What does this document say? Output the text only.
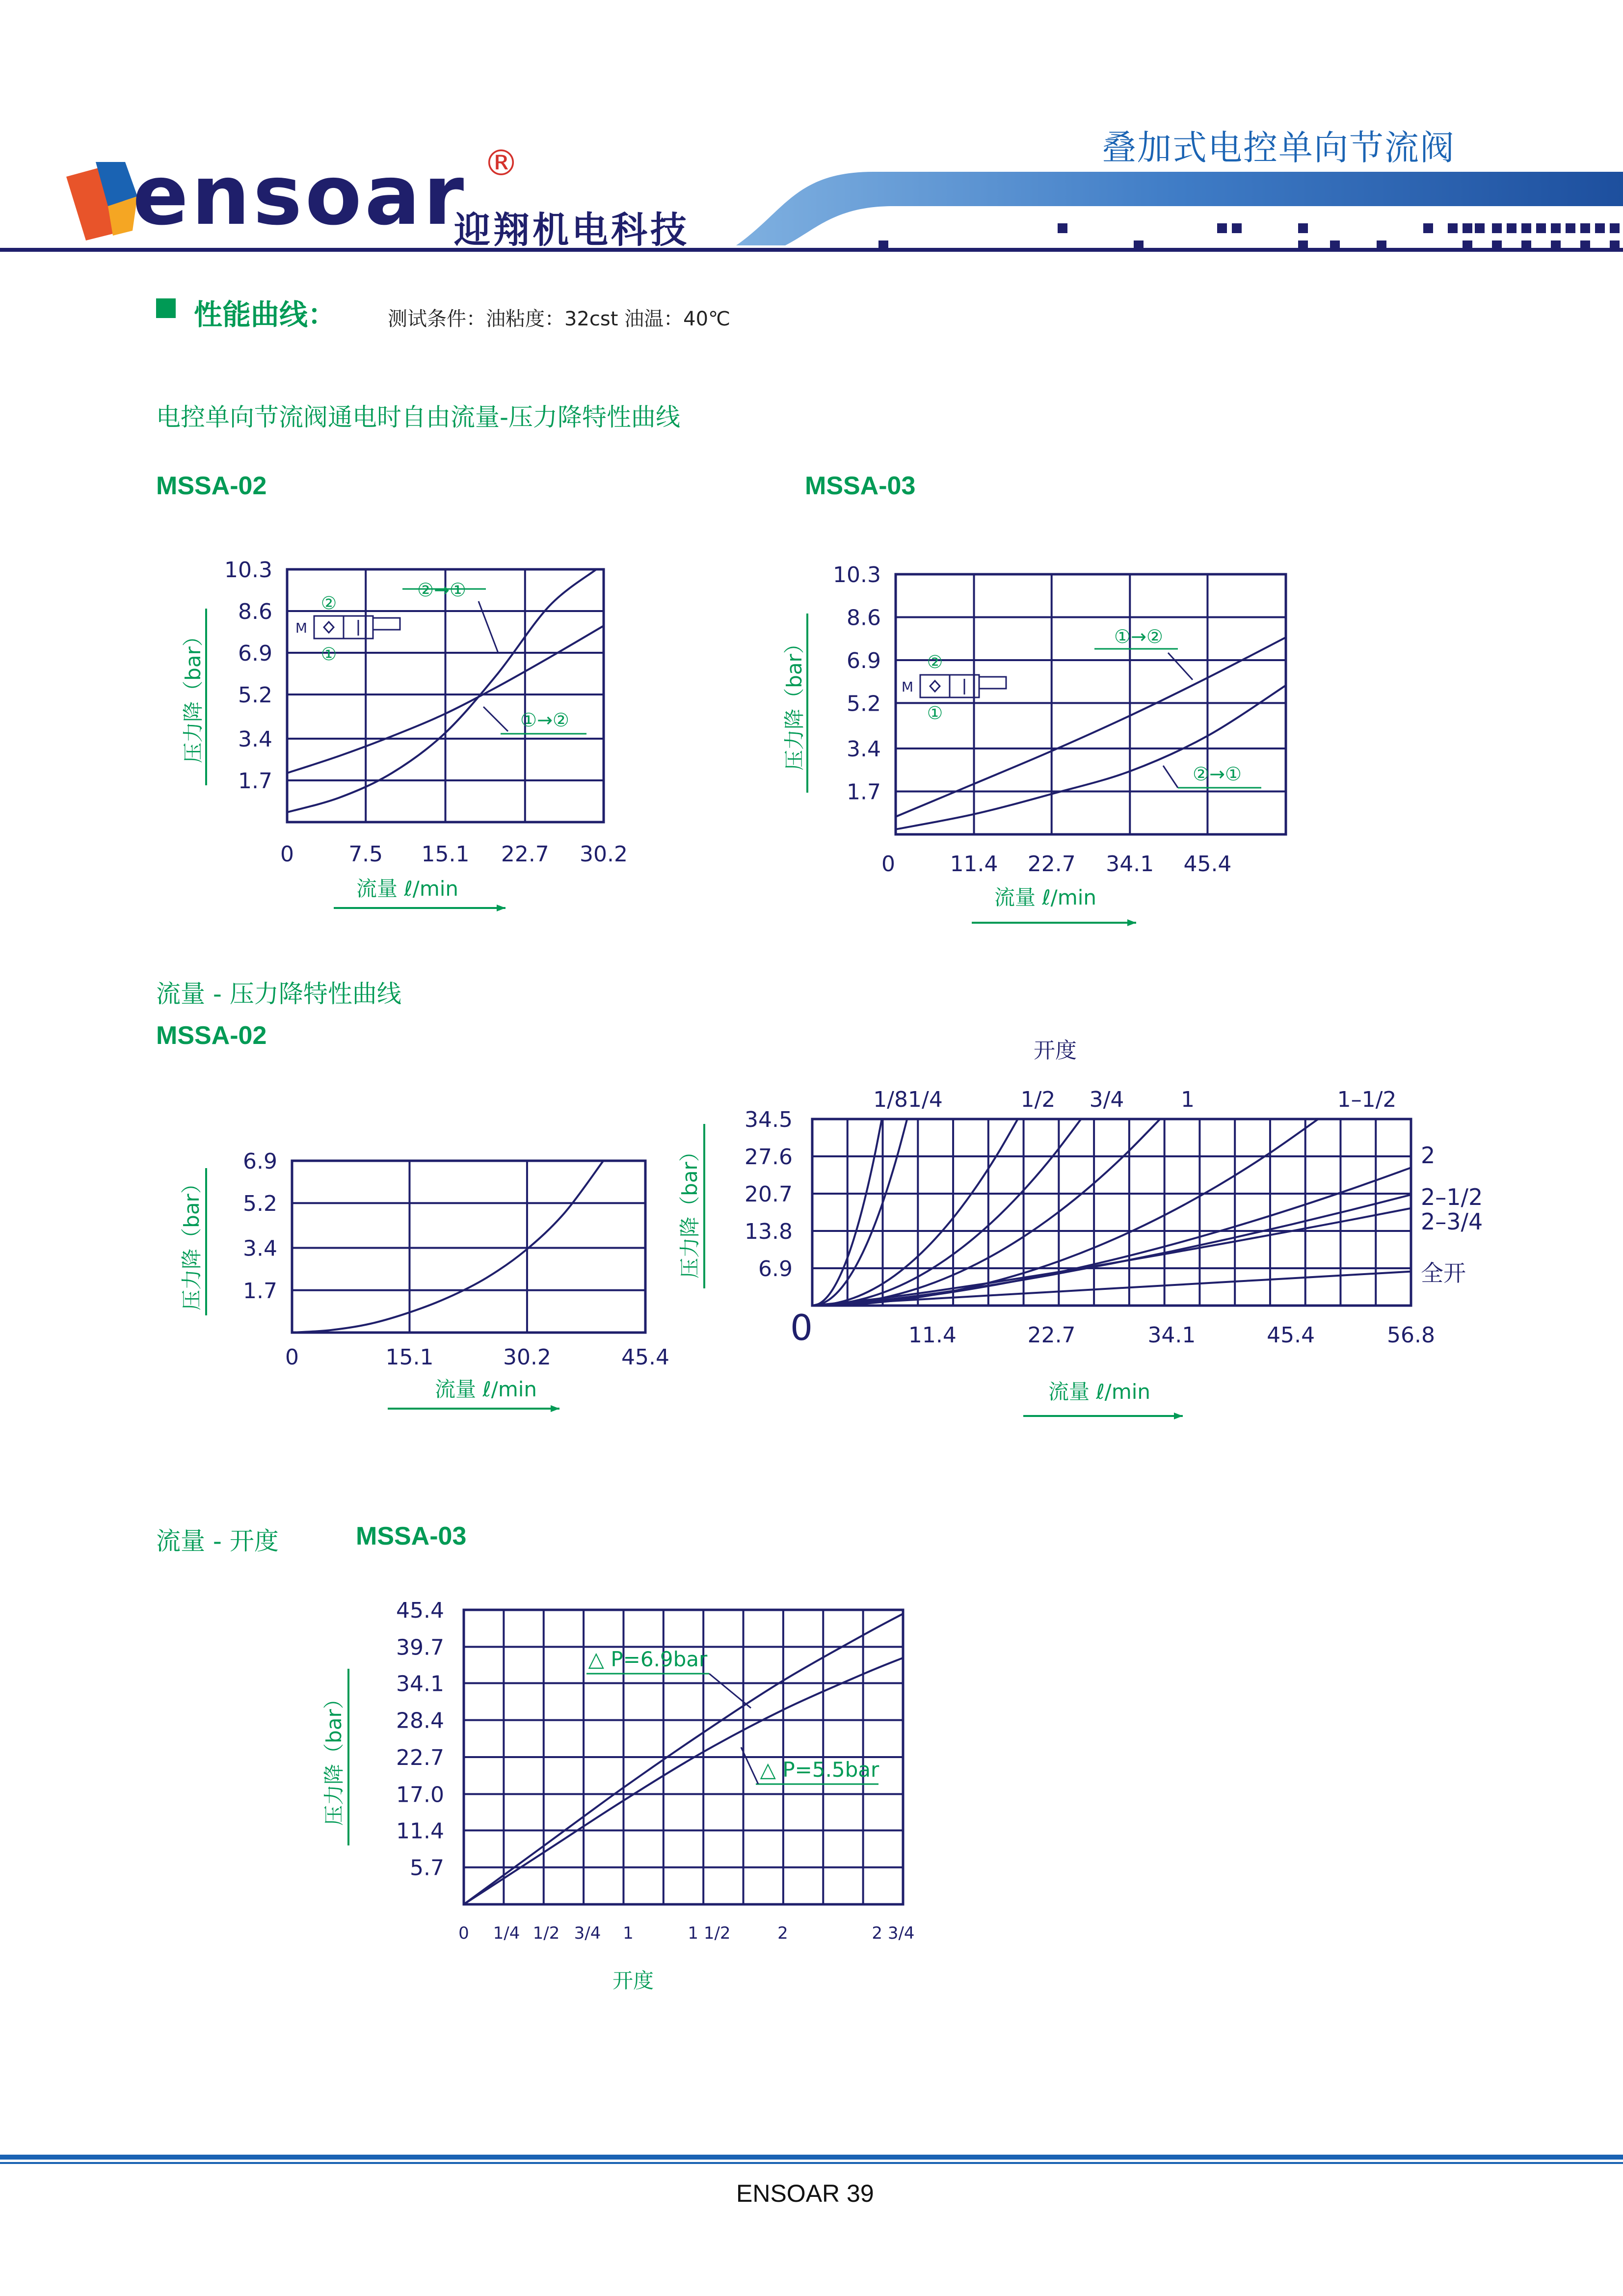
ensoar ®
迎翔机电科技
叠加式电控单向节流阀
性能曲线：	测试条件：油粘度：32cst 油温：40℃
电控单向节流阀通电时自由流量-压力降特性曲线
MSSA-02	MSSA-03
流量 - 压力降特性曲线
MSSA-02
流量 - 开度	MSSA-03
0	7.5 15.1 22.7 30.2
1.7
3.4
5.2
6.9
8.6
10.3
压力降（bar）
流量 ℓ/min
M
②
①
②→①
①→②
0	11.4 22.7 34.1 45.4
1.7
3.4
5.2
6.9
8.6
10.3
压力降（bar）
流量 ℓ/min
M
②
①
①→②
②→①
0	15.1	30.2	45.4
1.7
3.4
5.2
6.9
压力降（bar）
流量 ℓ/min
0	11.4	22.7	34.1	45.4	56.8
6.9
13.8
20.7
27.6
34.5
开度
1/81/4	1/2 3/4	1	1–1/2
2
2–1/2
2–3/4
全开
压力降（bar）
流量 ℓ/min
5.7
11.4
17.0
22.7
28.4
34.1
39.7
45.4
0 1/4 1/2 3/4 1	1 1/2	2	2 3/4
△ P=6.9bar
△ P=5.5bar
压力降（bar）
开度
ENSOAR 39
